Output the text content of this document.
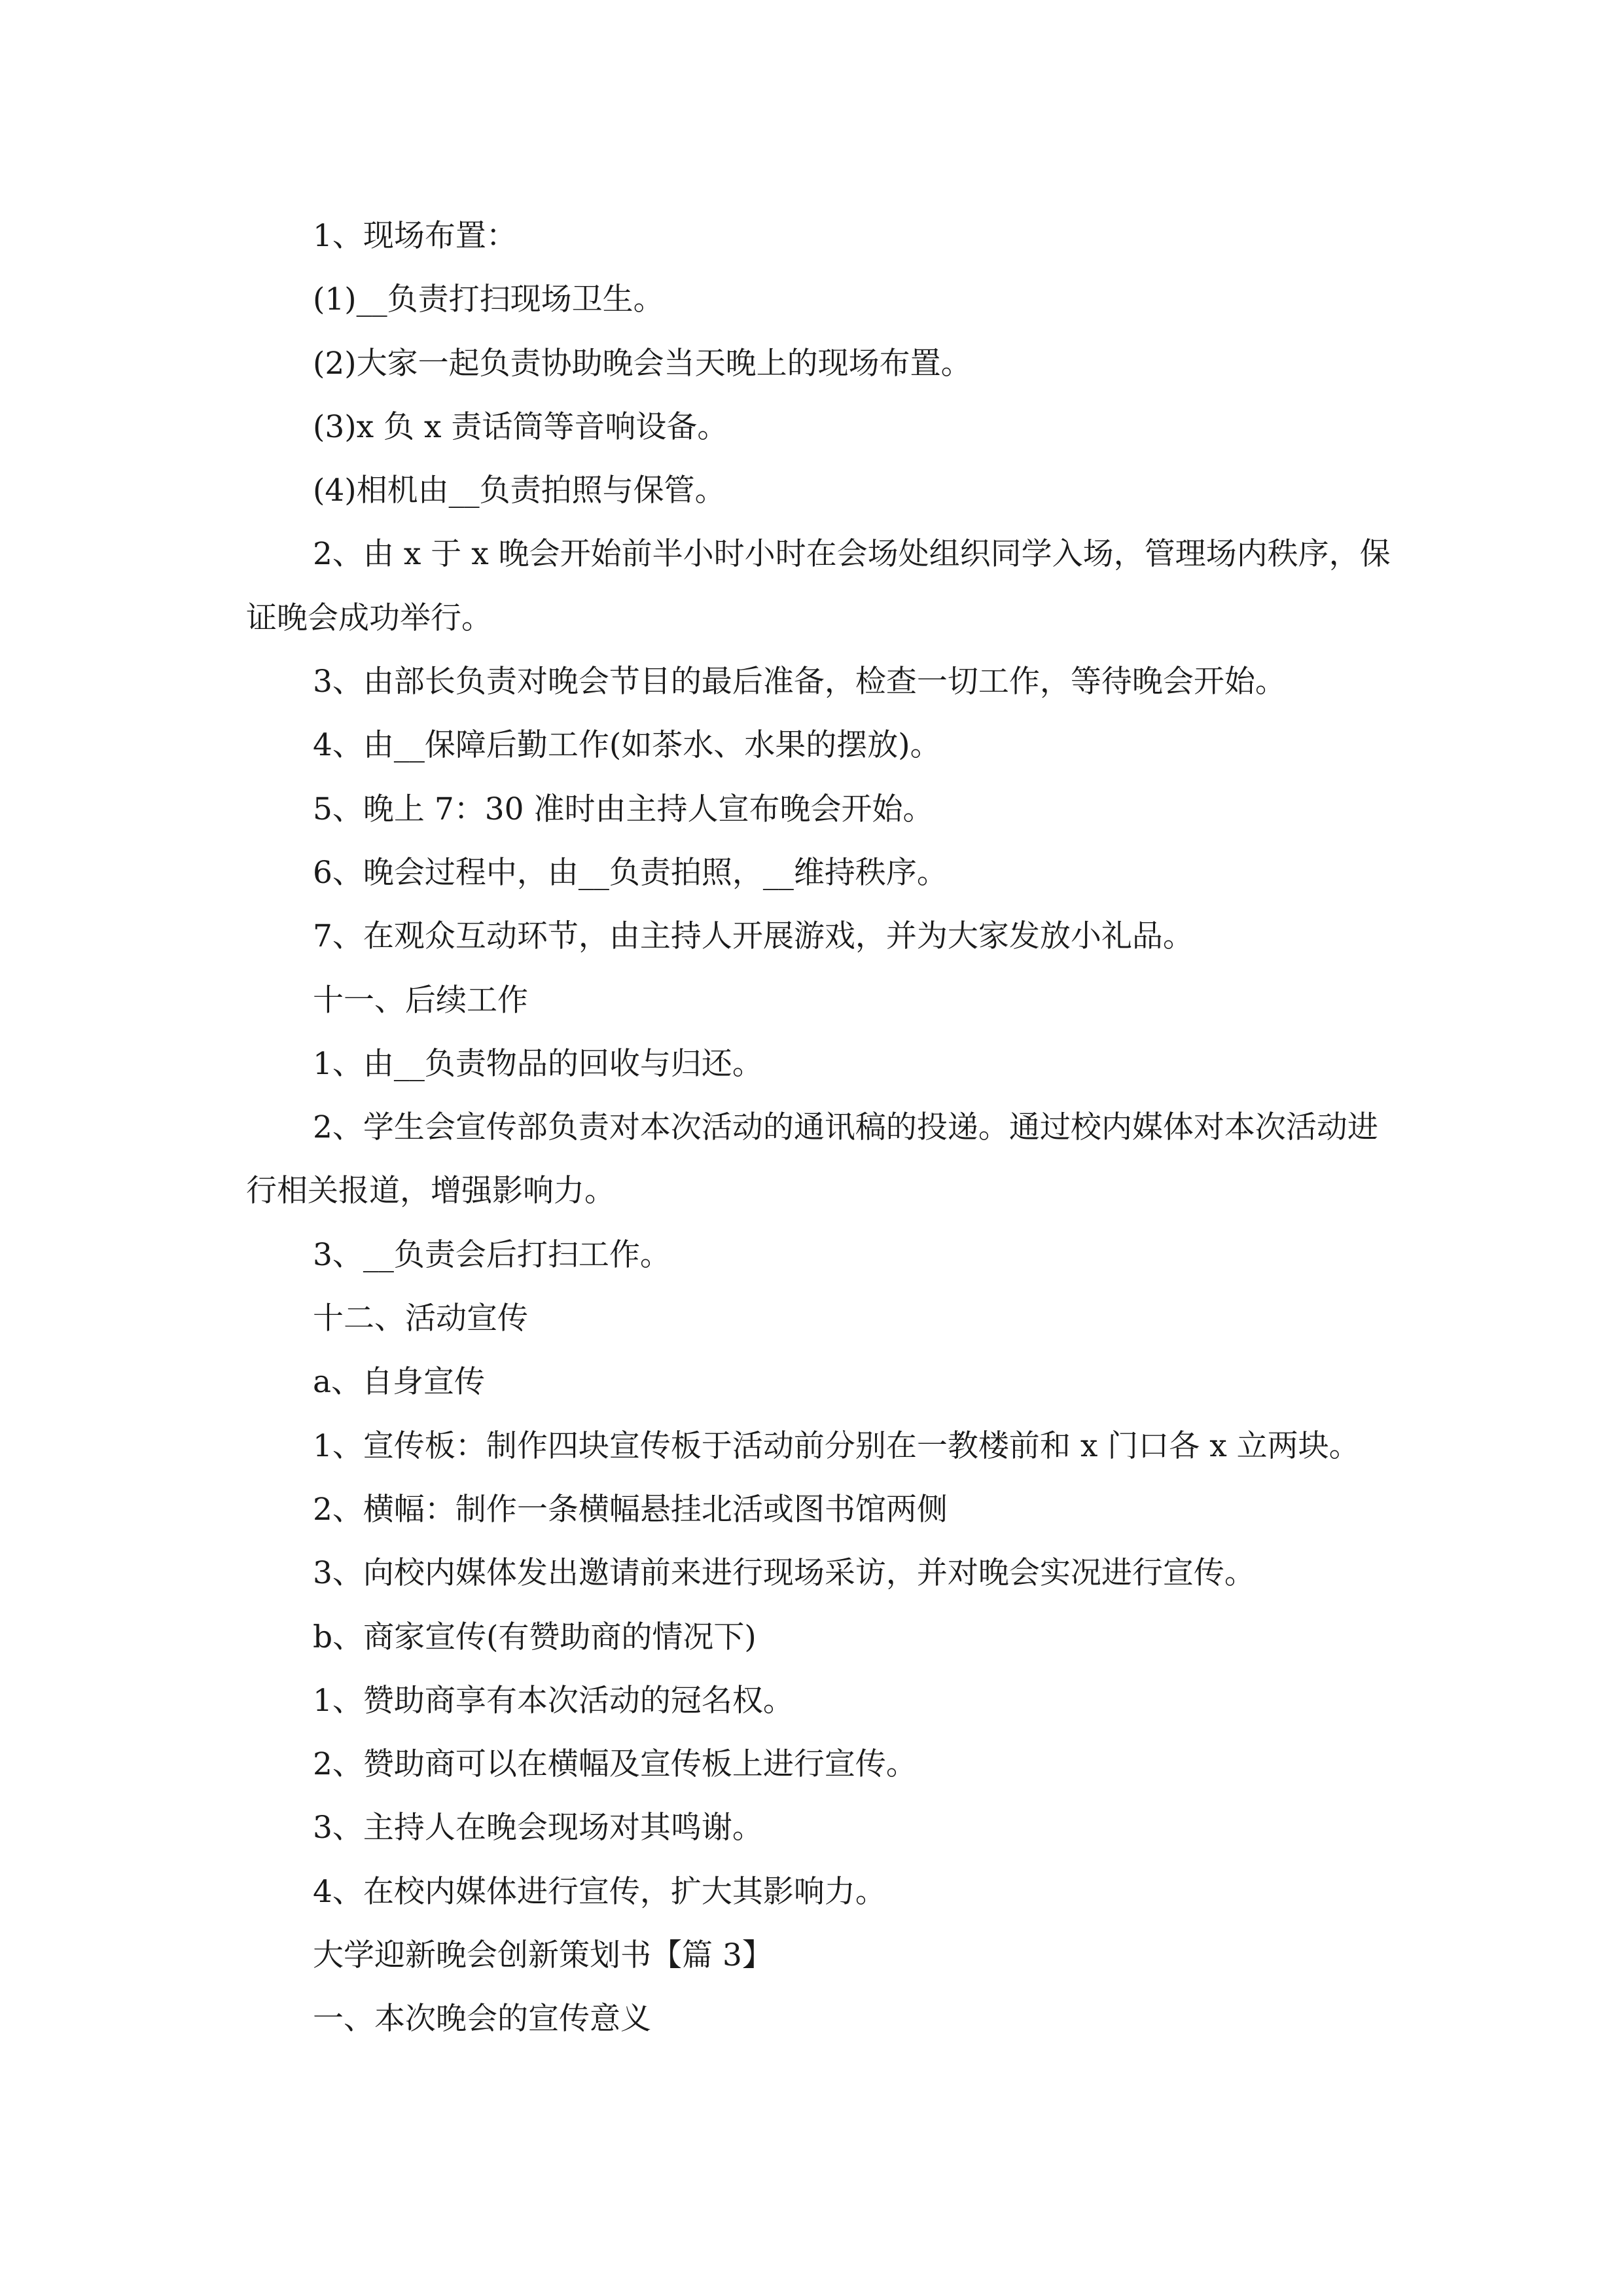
1、现场布置：

(1)__负责打扫现场卫生。

(2)大家一起负责协助晚会当天晚上的现场布置。

(3)x 负 x 责话筒等音响设备。

(4)相机由__负责拍照与保管。

2、由 x 于 x 晚会开始前半小时小时在会场处组织同学入场，管理场内秩序，保证晚会成功举行。

3、由部长负责对晚会节目的最后准备，检查一切工作，等待晚会开始。

4、由__保障后勤工作(如茶水、水果的摆放)。

5、晚上 7：30 准时由主持人宣布晚会开始。

6、晚会过程中，由__负责拍照，__维持秩序。

7、在观众互动环节，由主持人开展游戏，并为大家发放小礼品。

十一、后续工作

1、由__负责物品的回收与归还。

2、学生会宣传部负责对本次活动的通讯稿的投递。通过校内媒体对本次活动进行相关报道，增强影响力。

3、__负责会后打扫工作。

十二、活动宣传

a、自身宣传

1、宣传板：制作四块宣传板于活动前分别在一教楼前和 x 门口各 x 立两块。

2、横幅：制作一条横幅悬挂北活或图书馆两侧

3、向校内媒体发出邀请前来进行现场采访，并对晚会实况进行宣传。

b、商家宣传(有赞助商的情况下)

1、赞助商享有本次活动的冠名权。

2、赞助商可以在横幅及宣传板上进行宣传。

3、主持人在晚会现场对其鸣谢。

4、在校内媒体进行宣传，扩大其影响力。

大学迎新晚会创新策划书【篇 3】

一、本次晚会的宣传意义
